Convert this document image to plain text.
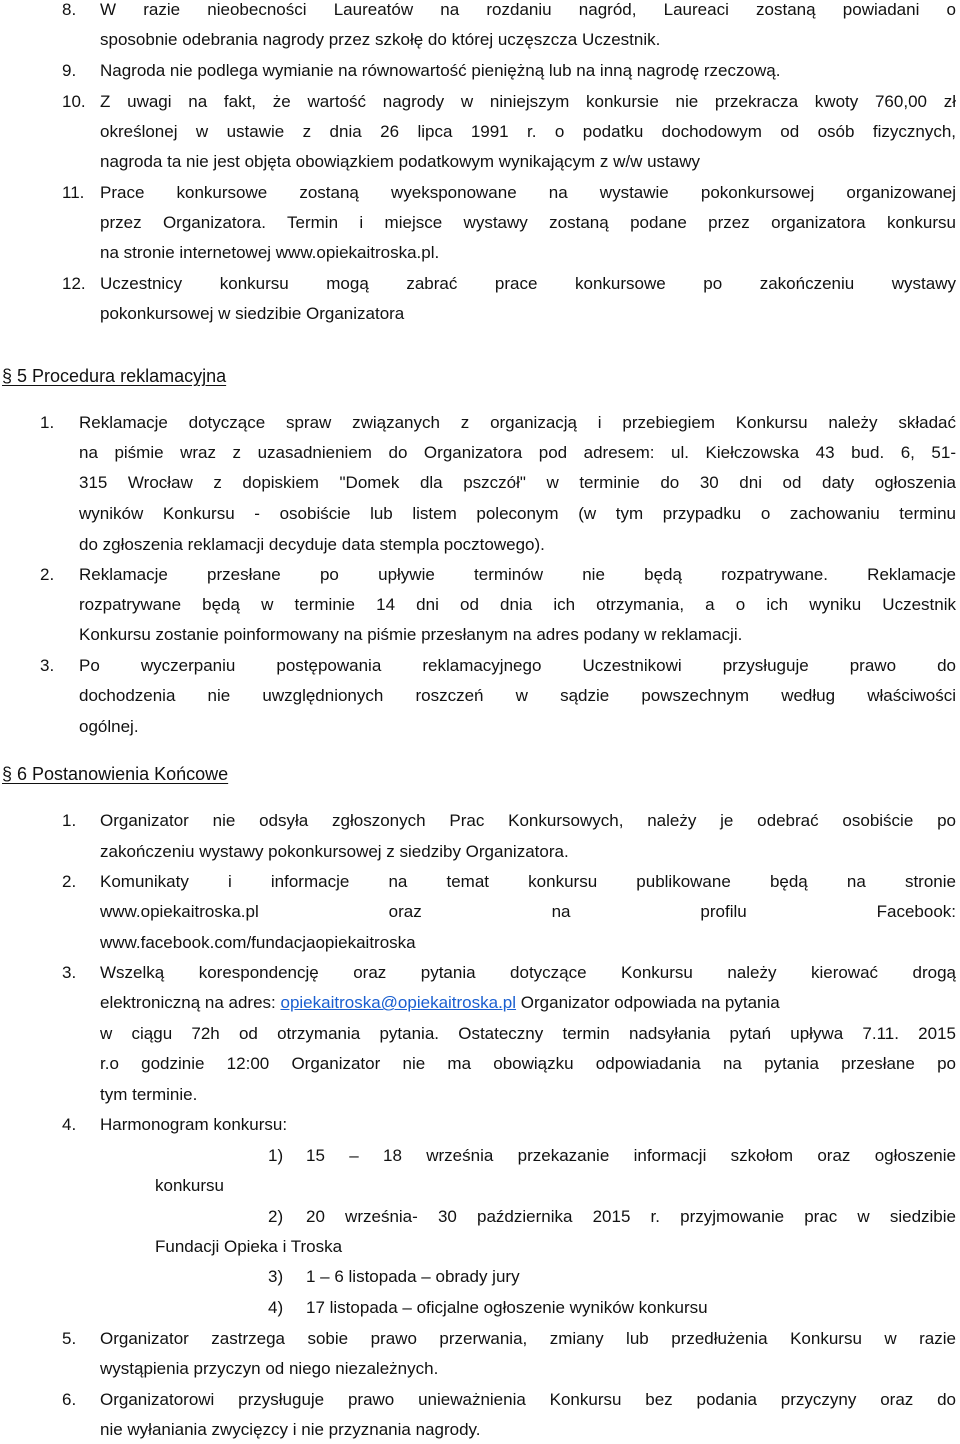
8. W razie nieobecności Laureatów na rozdaniu nagród, Laureaci zostaną powiadani o
sposobnie odebrania nagrody przez szkołę do której uczęszcza Uczestnik.
9. Nagroda nie podlega wymianie na równowartość pieniężną lub na inną nagrodę rzeczową.
10. Z uwagi na fakt, że wartość nagrody w niniejszym konkursie nie przekracza kwoty 760,00 zł
określonej w ustawie z dnia 26 lipca 1991 r. o podatku dochodowym od osób fizycznych,
nagroda ta nie jest objęta obowiązkiem podatkowym wynikającym z w/w ustawy
11. Prace konkursowe zostaną wyeksponowane na wystawie pokonkursowej organizowanej
przez Organizatora. Termin i miejsce wystawy zostaną podane przez organizatora konkursu
na stronie internetowej www.opiekaitroska.pl.
12. Uczestnicy konkursu mogą zabrać prace konkursowe po zakończeniu wystawy
pokonkursowej w siedzibie Organizatora
§ 5 Procedura reklamacyjna
1. Reklamacje dotyczące spraw związanych z organizacją i przebiegiem Konkursu należy składać
na piśmie wraz z uzasadnieniem do Organizatora pod adresem: ul. Kiełczowska 43 bud. 6, 51-
315 Wrocław z dopiskiem "Domek dla pszczół" w terminie do 30 dni od daty ogłoszenia
wyników Konkursu - osobiście lub listem poleconym (w tym przypadku o zachowaniu terminu
do zgłoszenia reklamacji decyduje data stempla pocztowego).
2. Reklamacje przesłane po upływie terminów nie będą rozpatrywane. Reklamacje
rozpatrywane będą w terminie 14 dni od dnia ich otrzymania, a o ich wyniku Uczestnik
Konkursu zostanie poinformowany na piśmie przesłanym na adres podany w reklamacji.
3. Po wyczerpaniu postępowania reklamacyjnego Uczestnikowi przysługuje prawo do
dochodzenia nie uwzględnionych roszczeń w sądzie powszechnym według właściwości
ogólnej.
§ 6 Postanowienia Końcowe
1. Organizator nie odsyła zgłoszonych Prac Konkursowych, należy je odebrać osobiście po
zakończeniu wystawy pokonkursowej z siedziby Organizatora.
2. Komunikaty i informacje na temat konkursu publikowane będą na stronie
www.opiekaitroska.pl oraz na profilu Facebook:
www.facebook.com/fundacjaopiekaitroska
3. Wszelką korespondencję oraz pytania dotyczące Konkursu należy kierować drogą
elektroniczną na adres: opiekaitroska@opiekaitroska.pl Organizator odpowiada na pytania
w ciągu 72h od otrzymania pytania. Ostateczny termin nadsyłania pytań upływa 7.11. 2015
r.o godzinie 12:00 Organizator nie ma obowiązku odpowiadania na pytania przesłane po
tym terminie.
4. Harmonogram konkursu:
1) 15 – 18 września przekazanie informacji szkołom oraz ogłoszenie
konkursu
2) 20 września- 30 października 2015 r. przyjmowanie prac w siedzibie
Fundacji Opieka i Troska
3) 1 – 6 listopada – obrady jury
4) 17 listopada – oficjalne ogłoszenie wyników konkursu
5. Organizator zastrzega sobie prawo przerwania, zmiany lub przedłużenia Konkursu w razie
wystąpienia przyczyn od niego niezależnych.
6. Organizatorowi przysługuje prawo unieważnienia Konkursu bez podania przyczyny oraz do
nie wyłaniania zwycięzcy i nie przyznania nagrody.
